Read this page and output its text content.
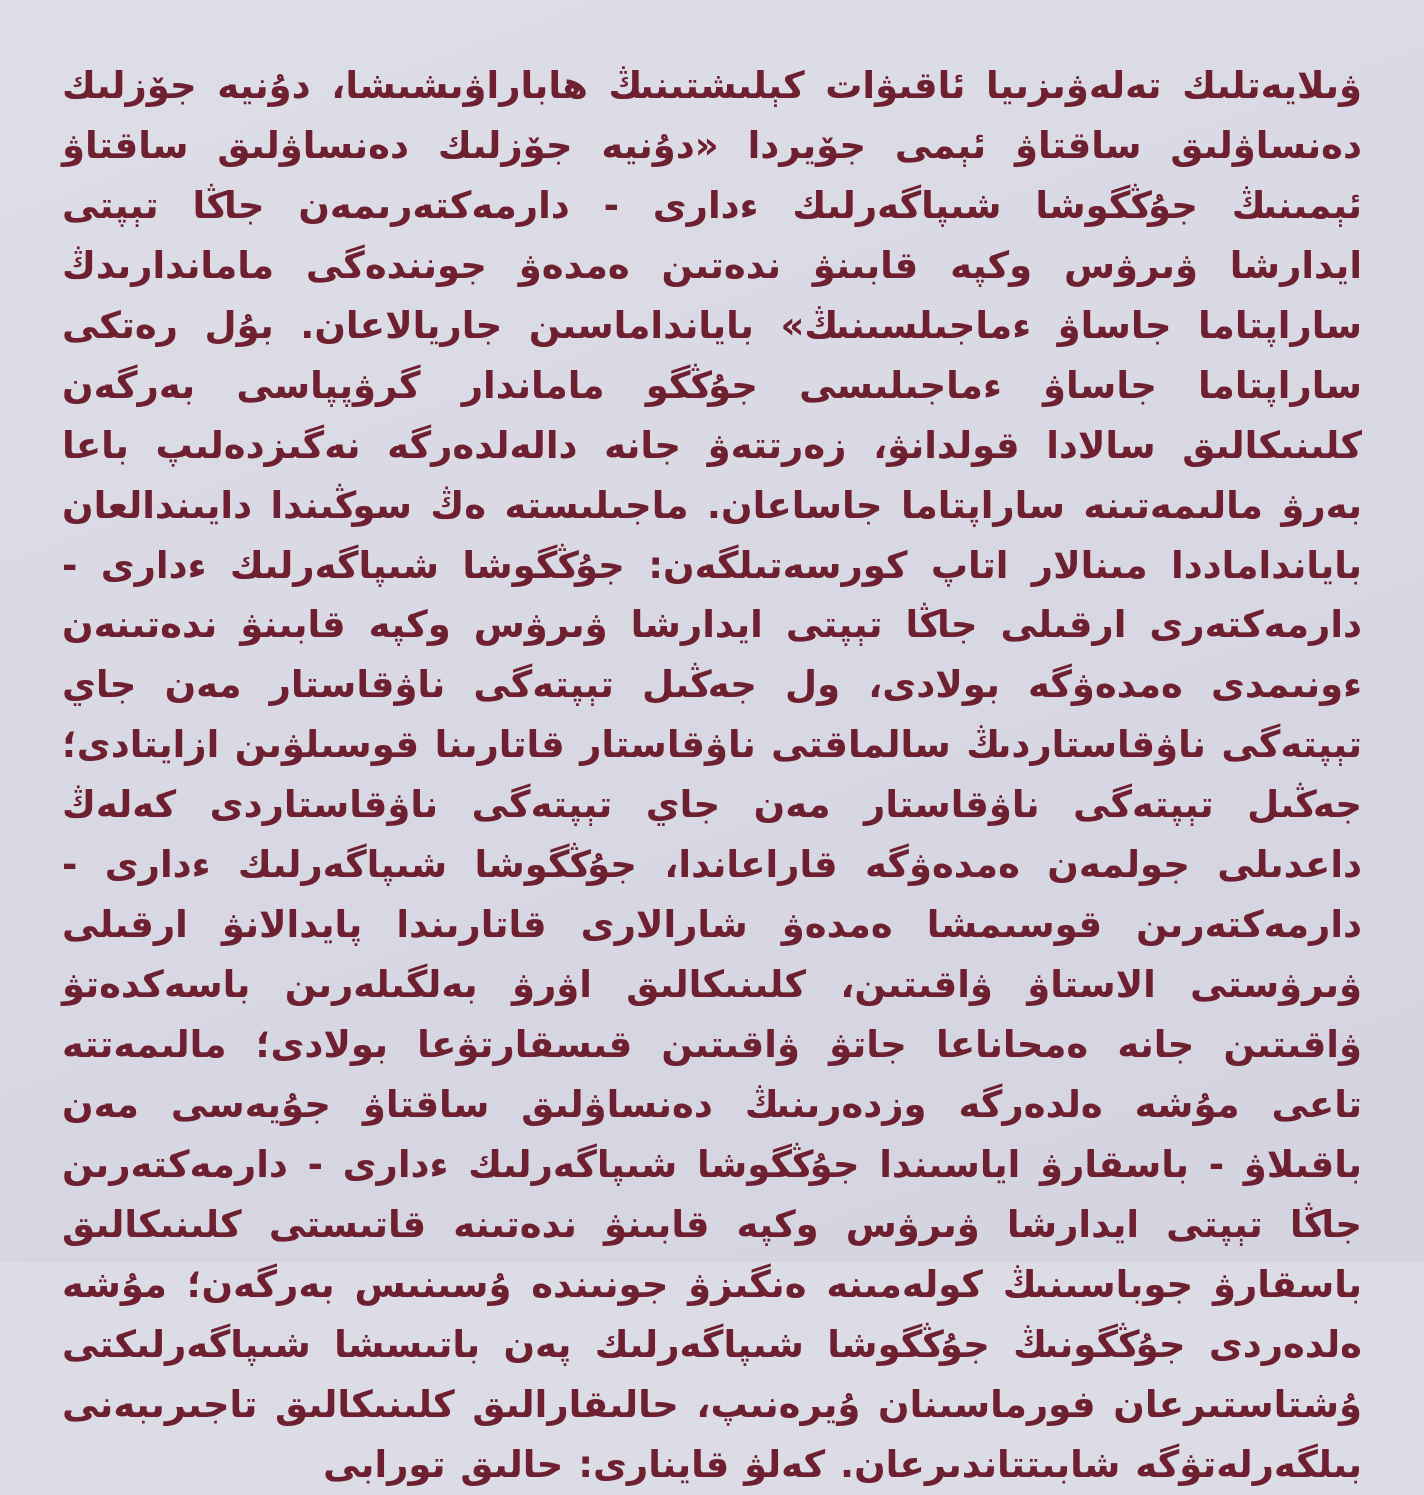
ۋىلايەتلىك تەلەۋىزىيا ئاقىۋات كېلىشتىنىڭ ھاباراۋىشىشا، دۇنيە جۆزلىك دەنساۋلىق ساقتاۋ ئېمى جۆيردا «دۇنيە جۆزلىك دەنساۋلىق ساقتاۋ ئېمىنىڭ جۇڭگوشا شىپاگەرلىك ءدارى - دارمەكتەرىمەن جاڭا تېپتى ايدارشا ۋىرۋس وكپە قابىنۋ ندەتىن ەمدەۋ جونندەگى ماماندارىدڭ ساراپتاما جاساۋ ءماجىلسىنىڭ» بايانداماسىن جاريالاعان. بۇل رەتكى ساراپتاما جاساۋ ءماجىلىسى جۇڭگو ماماندار گرۋپپاسى بەرگەن كلىنىكالىق سالادا قولدانۋ، زەرتتەۋ جانە دالەلدەرگە نەگىزدەلىپ باعا بەرۋ مالىمەتىنە ساراپتاما جاساعان. ماجىلىستە ەڭ سوڭىندا دايىندالعان بايانداماددا مىنالار اتاپ كورسەتىلگەن: جۇڭگوشا شىپاگەرلىك ءدارى - دارمەكتەرى ارقىلى جاڭا تېپتى ايدارشا ۋىرۋس وكپە قابىنۋ ندەتىنەن ءونىمدى ەمدەۋگە بولادى، ول جەڭىل تېپتەگى ناۋقاستار مەن جاي تېپتەگى ناۋقاستاردىڭ سالماقتى ناۋقاستار قاتارىنا قوسىلۋىن ازايتادى؛ جەڭىل تېپتەگى ناۋقاستار مەن جاي تېپتەگى ناۋقاستاردى كەلەڭ داعدىلى جولمەن ەمدەۋگە قاراعاندا، جۇڭگوشا شىپاگەرلىك ءدارى - دارمەكتەرىن قوسىمشا ەمدەۋ شارالارى قاتارىندا پايدالانۋ ارقىلى ۋىرۋستى الاستاۋ ۋاقىتىن، كلىنىكالىق اۋرۋ بەلگىلەرىن باسەكدەتۋ ۋاقىتىن جانە ەمحاناعا جاتۋ ۋاقىتىن قىسقارتۋعا بولادى؛ مالىمەتتە تاعى مۇشە ەلدەرگە وزدەرىنىڭ دەنساۋلىق ساقتاۋ جۇيەسى مەن باقىلاۋ - باسقارۋ اياسىندا جۇڭگوشا شىپاگەرلىك ءدارى - دارمەكتەرىن جاڭا تېپتى ايدارشا ۋىرۋس وكپە قابىنۋ ندەتىنە قاتىستى كلىنىكالىق باسقارۋ جوباسىنىڭ كولەمىنە ەنگىزۋ جونىندە ۇسىنىس بەرگەن؛ مۇشە ەلدەردى جۇڭگونىڭ جۇڭگوشا شىپاگەرلىك پەن باتىسشا شىپاگەرلىكتى ۇشتاستىرعان فورماسىنان ۇيرەنىپ، حالىقارالىق كلىنىكالىق تاجىرىبەنى بىلگەرلەتۋگە شابىتتاندىرعان. كەلۋ قاينارى: حالىق تورابى
